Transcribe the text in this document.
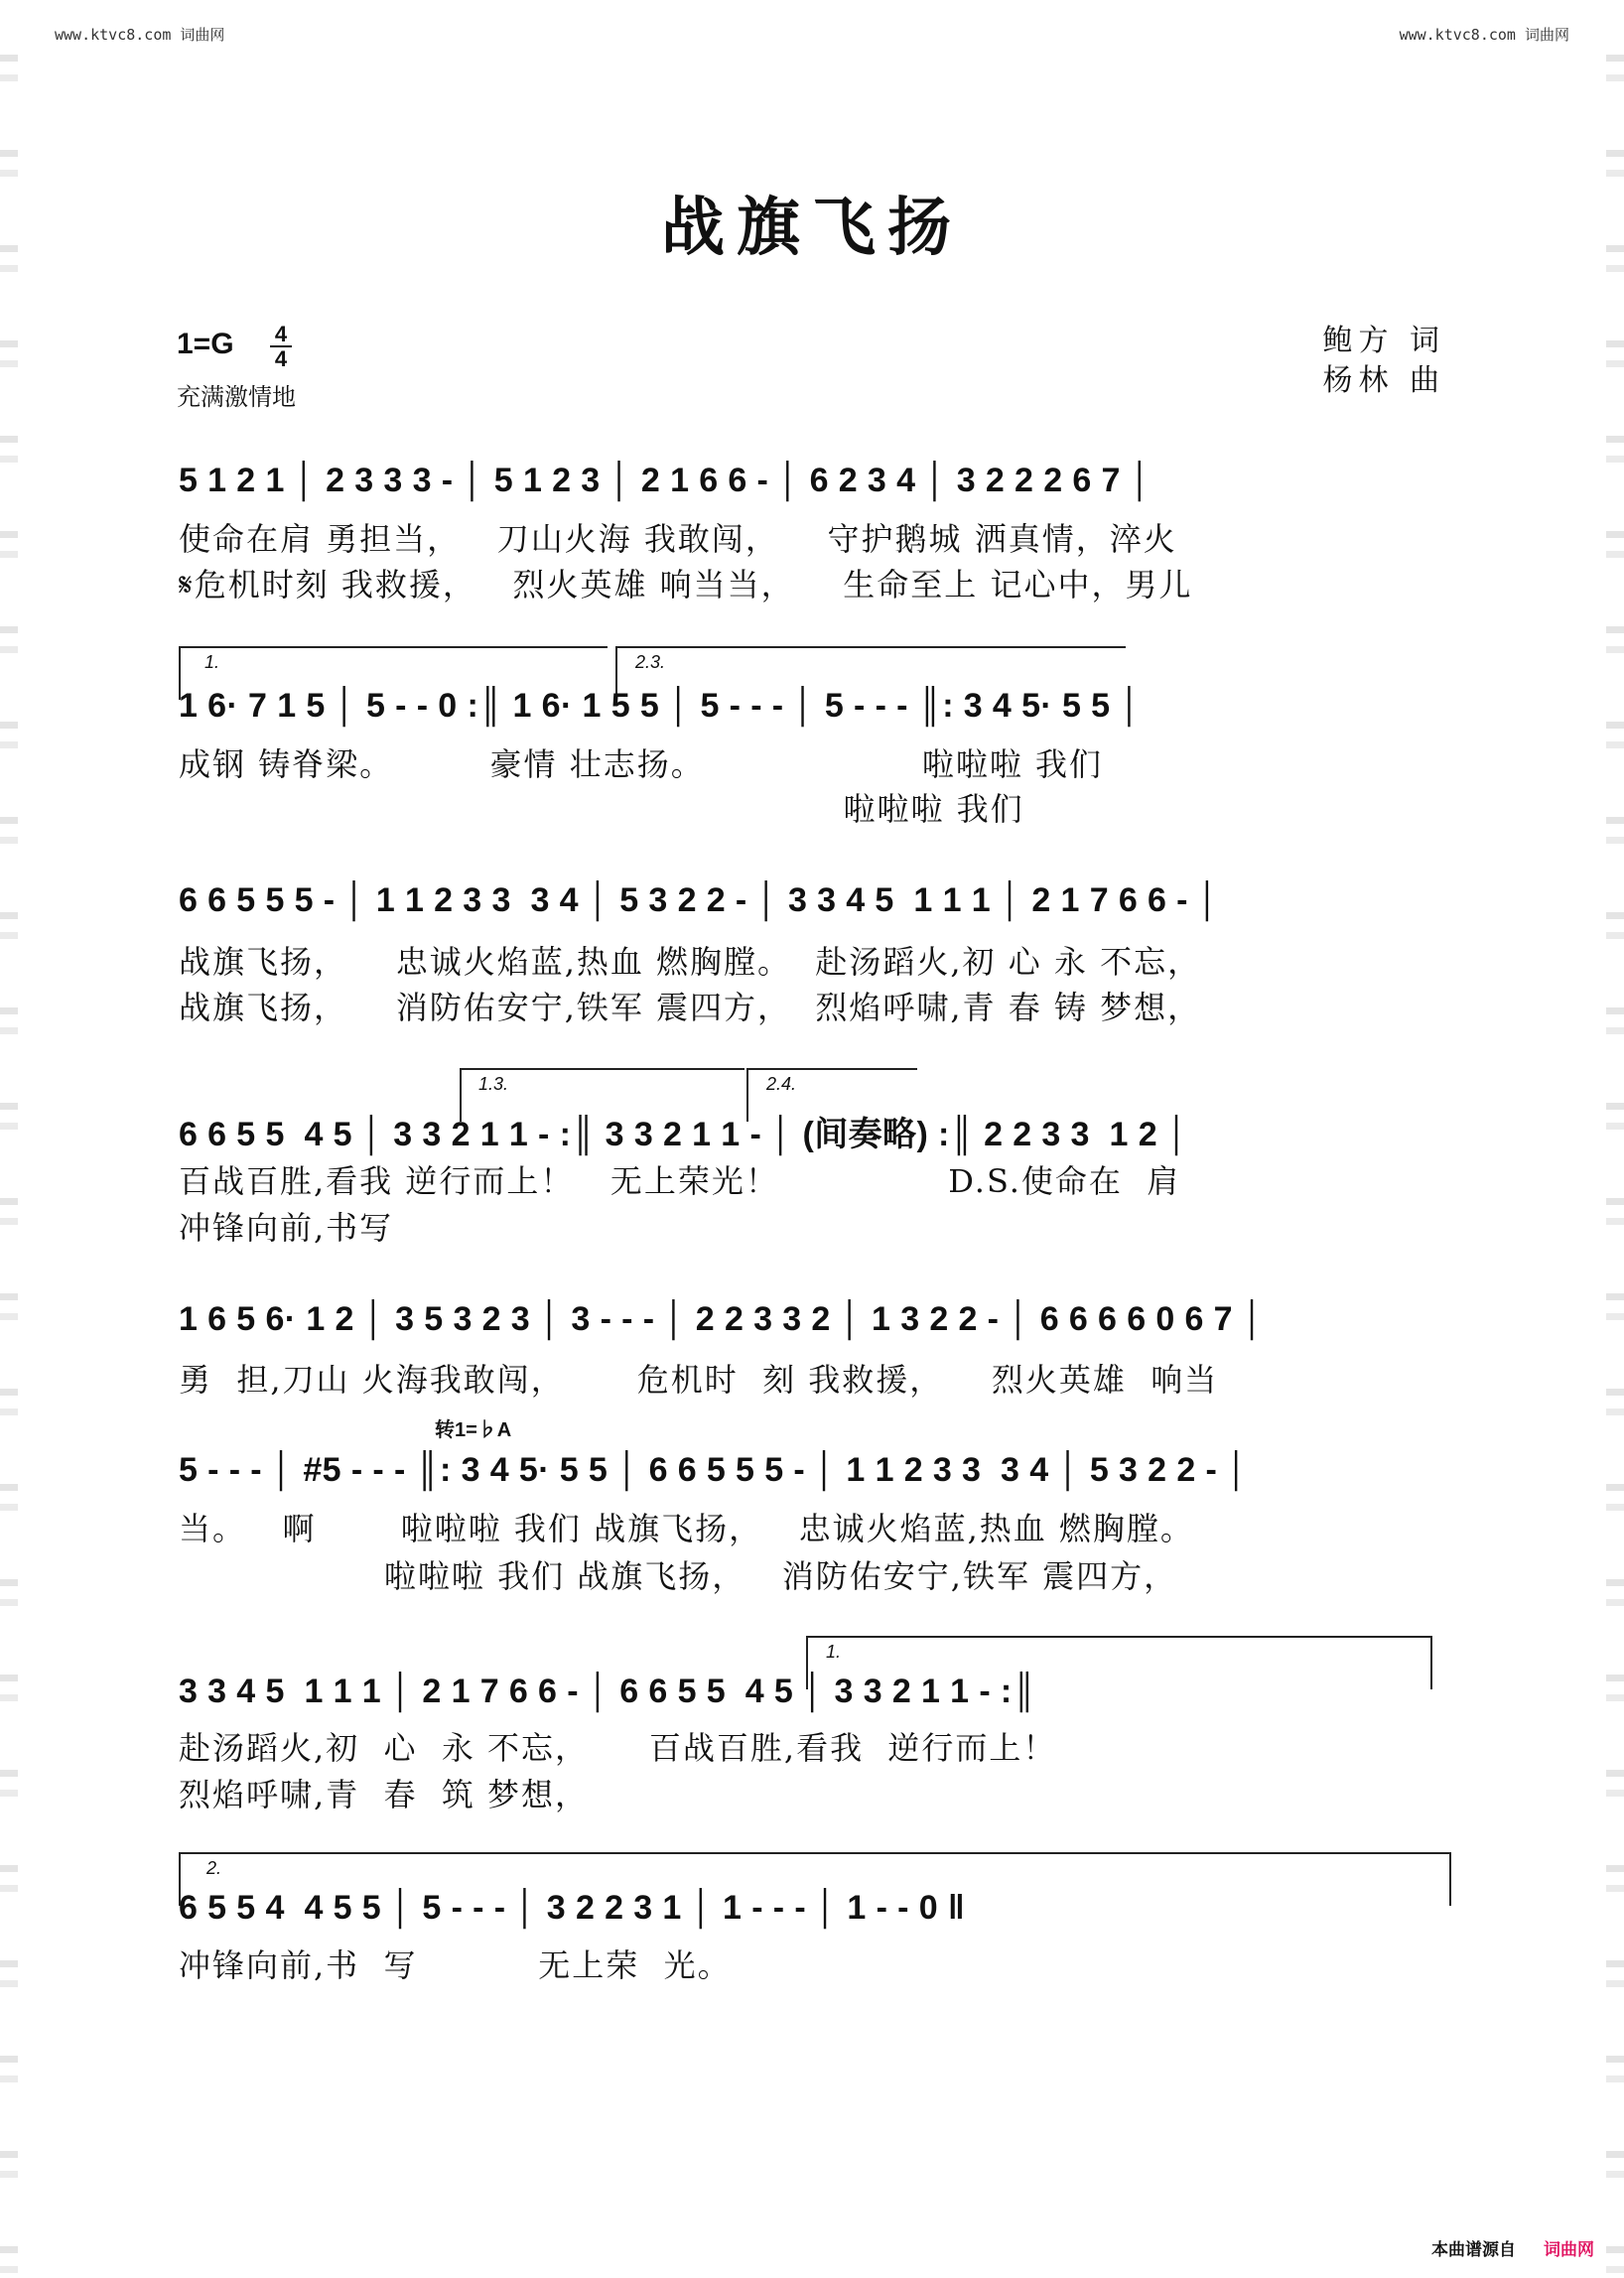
www.ktvc8.com 词曲网	www.ktvc8.com 词曲网
战旗飞扬
1=G 4
4
充满激情地
鲍方 词
杨林 曲
5 1 2 1 │ 2 3 3 3 - │ 5 1 2 3 │ 2 1 6 6 - │ 6 2 3 4 │ 3 2 2 2 6 7 │
使命在肩 勇担当，   刀山火海 我敢闯，    守护鹅城 洒真情，淬火
𝄋危机时刻 我救援，   烈火英雄 响当当，    生命至上 记心中，男儿
1.	2.3.
1 6· 7 1 5 │ 5 - - 0 :║ 1 6· 1 5 5 │ 5 - - - │ 5 - - - ║: 3 4 5· 5 5 │
成钢 铸脊梁。        豪情 壮志扬。                  啦啦啦 我们
啦啦啦 我们
6 6 5 5 5 - │ 1 1 2 3 3  3 4 │ 5 3 2 2 - │ 3 3 4 5  1 1 1 │ 2 1 7 6 6 - │
战旗飞扬，    忠诚火焰蓝,热血 燃胸膛。  赴汤蹈火,初 心 永 不忘，
战旗飞扬，    消防佑安宁,铁军 震四方，  烈焰呼啸,青 春 铸 梦想，
1.3.	2.4.
6 6 5 5  4 5 │ 3 3 2 1 1 - :║ 3 3 2 1 1 - │ (间奏略) :║ 2 2 3 3  1 2 │
百战百胜,看我 逆行而上！   无上荣光！              D.S.使命在  肩
冲锋向前,书写
1 6 5 6· 1 2 │ 3 5 3 2 3 │ 3 - - - │ 2 2 3 3 2 │ 1 3 2 2 - │ 6 6 6 6 0 6 7 │
勇  担,刀山 火海我敢闯，      危机时  刻 我救援，    烈火英雄  响当
转1=♭A
5 - - - │ #5 - - - ║: 3 4 5· 5 5 │ 6 6 5 5 5 - │ 1 1 2 3 3  3 4 │ 5 3 2 2 - │
当。   啊       啦啦啦 我们 战旗飞扬，   忠诚火焰蓝,热血 燃胸膛。
啦啦啦 我们 战旗飞扬，   消防佑安宁,铁军 震四方，
1.
3 3 4 5  1 1 1 │ 2 1 7 6 6 - │ 6 6 5 5  4 5 │ 3 3 2 1 1 - :║
赴汤蹈火,初  心  永 不忘，     百战百胜,看我  逆行而上！
烈焰呼啸,青  春  筑 梦想，
2.
6 5 5 4  4 5 5 │ 5 - - - │ 3 2 2 3 1 │ 1 - - - │ 1 - - 0 ‖
冲锋向前,书  写          无上荣  光。
本曲谱源自 词曲网
